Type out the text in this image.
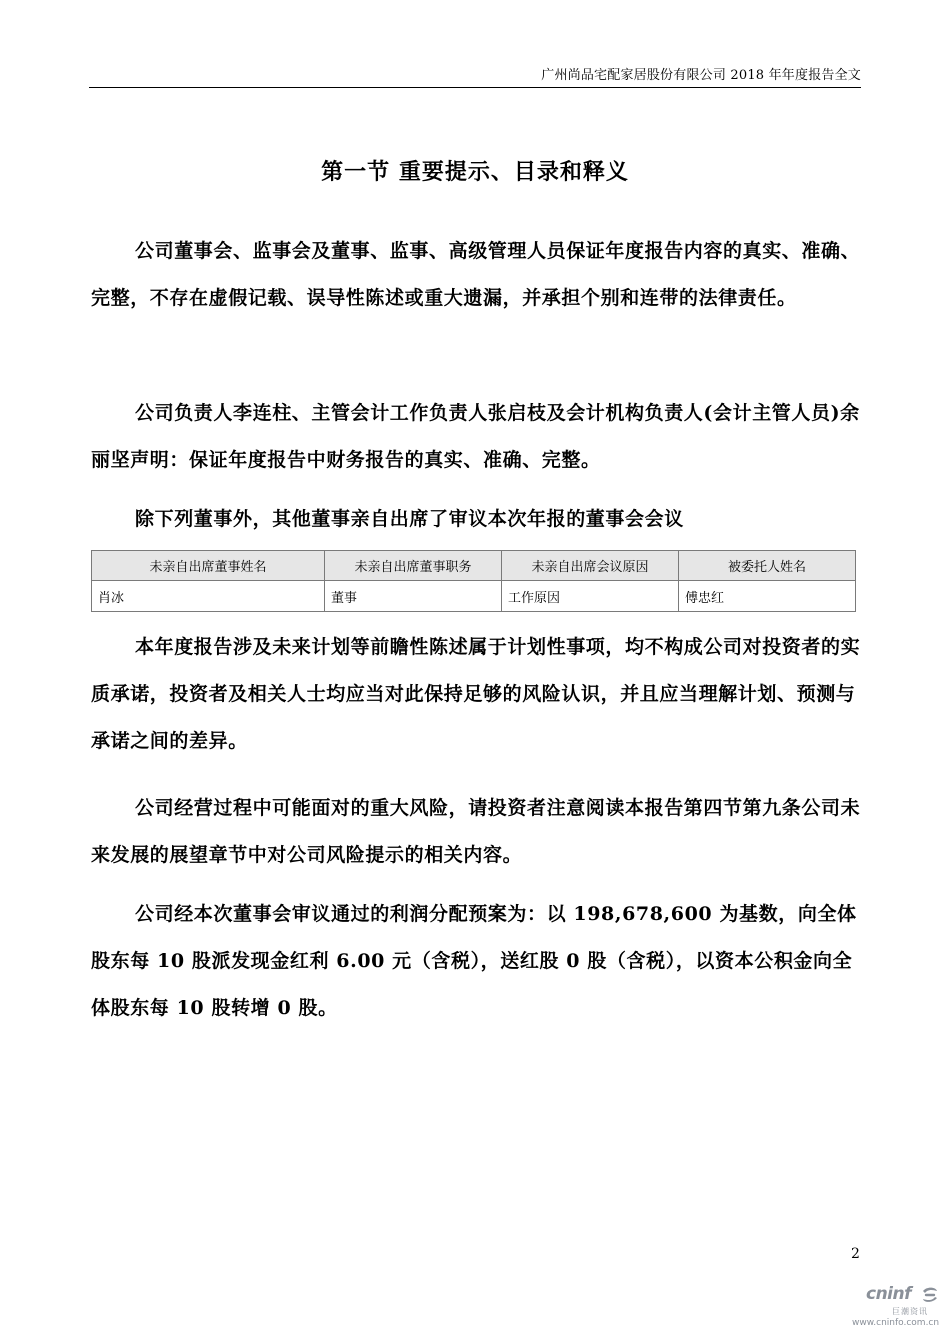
广州尚品宅配家居股份有限公司 2018 年年度报告全文
第一节 重要提示、目录和释义

公司董事会、监事会及董事、监事、高级管理人员保证年度报告内容的真实、准确、完整，不存在虚假记载、误导性陈述或重大遗漏，并承担个别和连带的法律责任。

公司负责人李连柱、主管会计工作负责人张启枝及会计机构负责人(会计主管人员)余丽坚声明：保证年度报告中财务报告的真实、准确、完整。

除下列董事外，其他董事亲自出席了审议本次年报的董事会会议

未亲自出席董事姓名	未亲自出席董事职务	未亲自出席会议原因	被委托人姓名
肖冰	董事	工作原因	傅忠红

本年度报告涉及未来计划等前瞻性陈述属于计划性事项，均不构成公司对投资者的实质承诺，投资者及相关人士均应当对此保持足够的风险认识，并且应当理解计划、预测与承诺之间的差异。

公司经营过程中可能面对的重大风险，请投资者注意阅读本报告第四节第九条公司未来发展的展望章节中对公司风险提示的相关内容。

公司经本次董事会审议通过的利润分配预案为：以 198,678,600 为基数，向全体股东每 10 股派发现金红利 6.00 元（含税），送红股 0 股（含税），以资本公积金向全体股东每 10 股转增 0 股。

2
cninf
巨潮资讯
www.cninfo.com.cn
